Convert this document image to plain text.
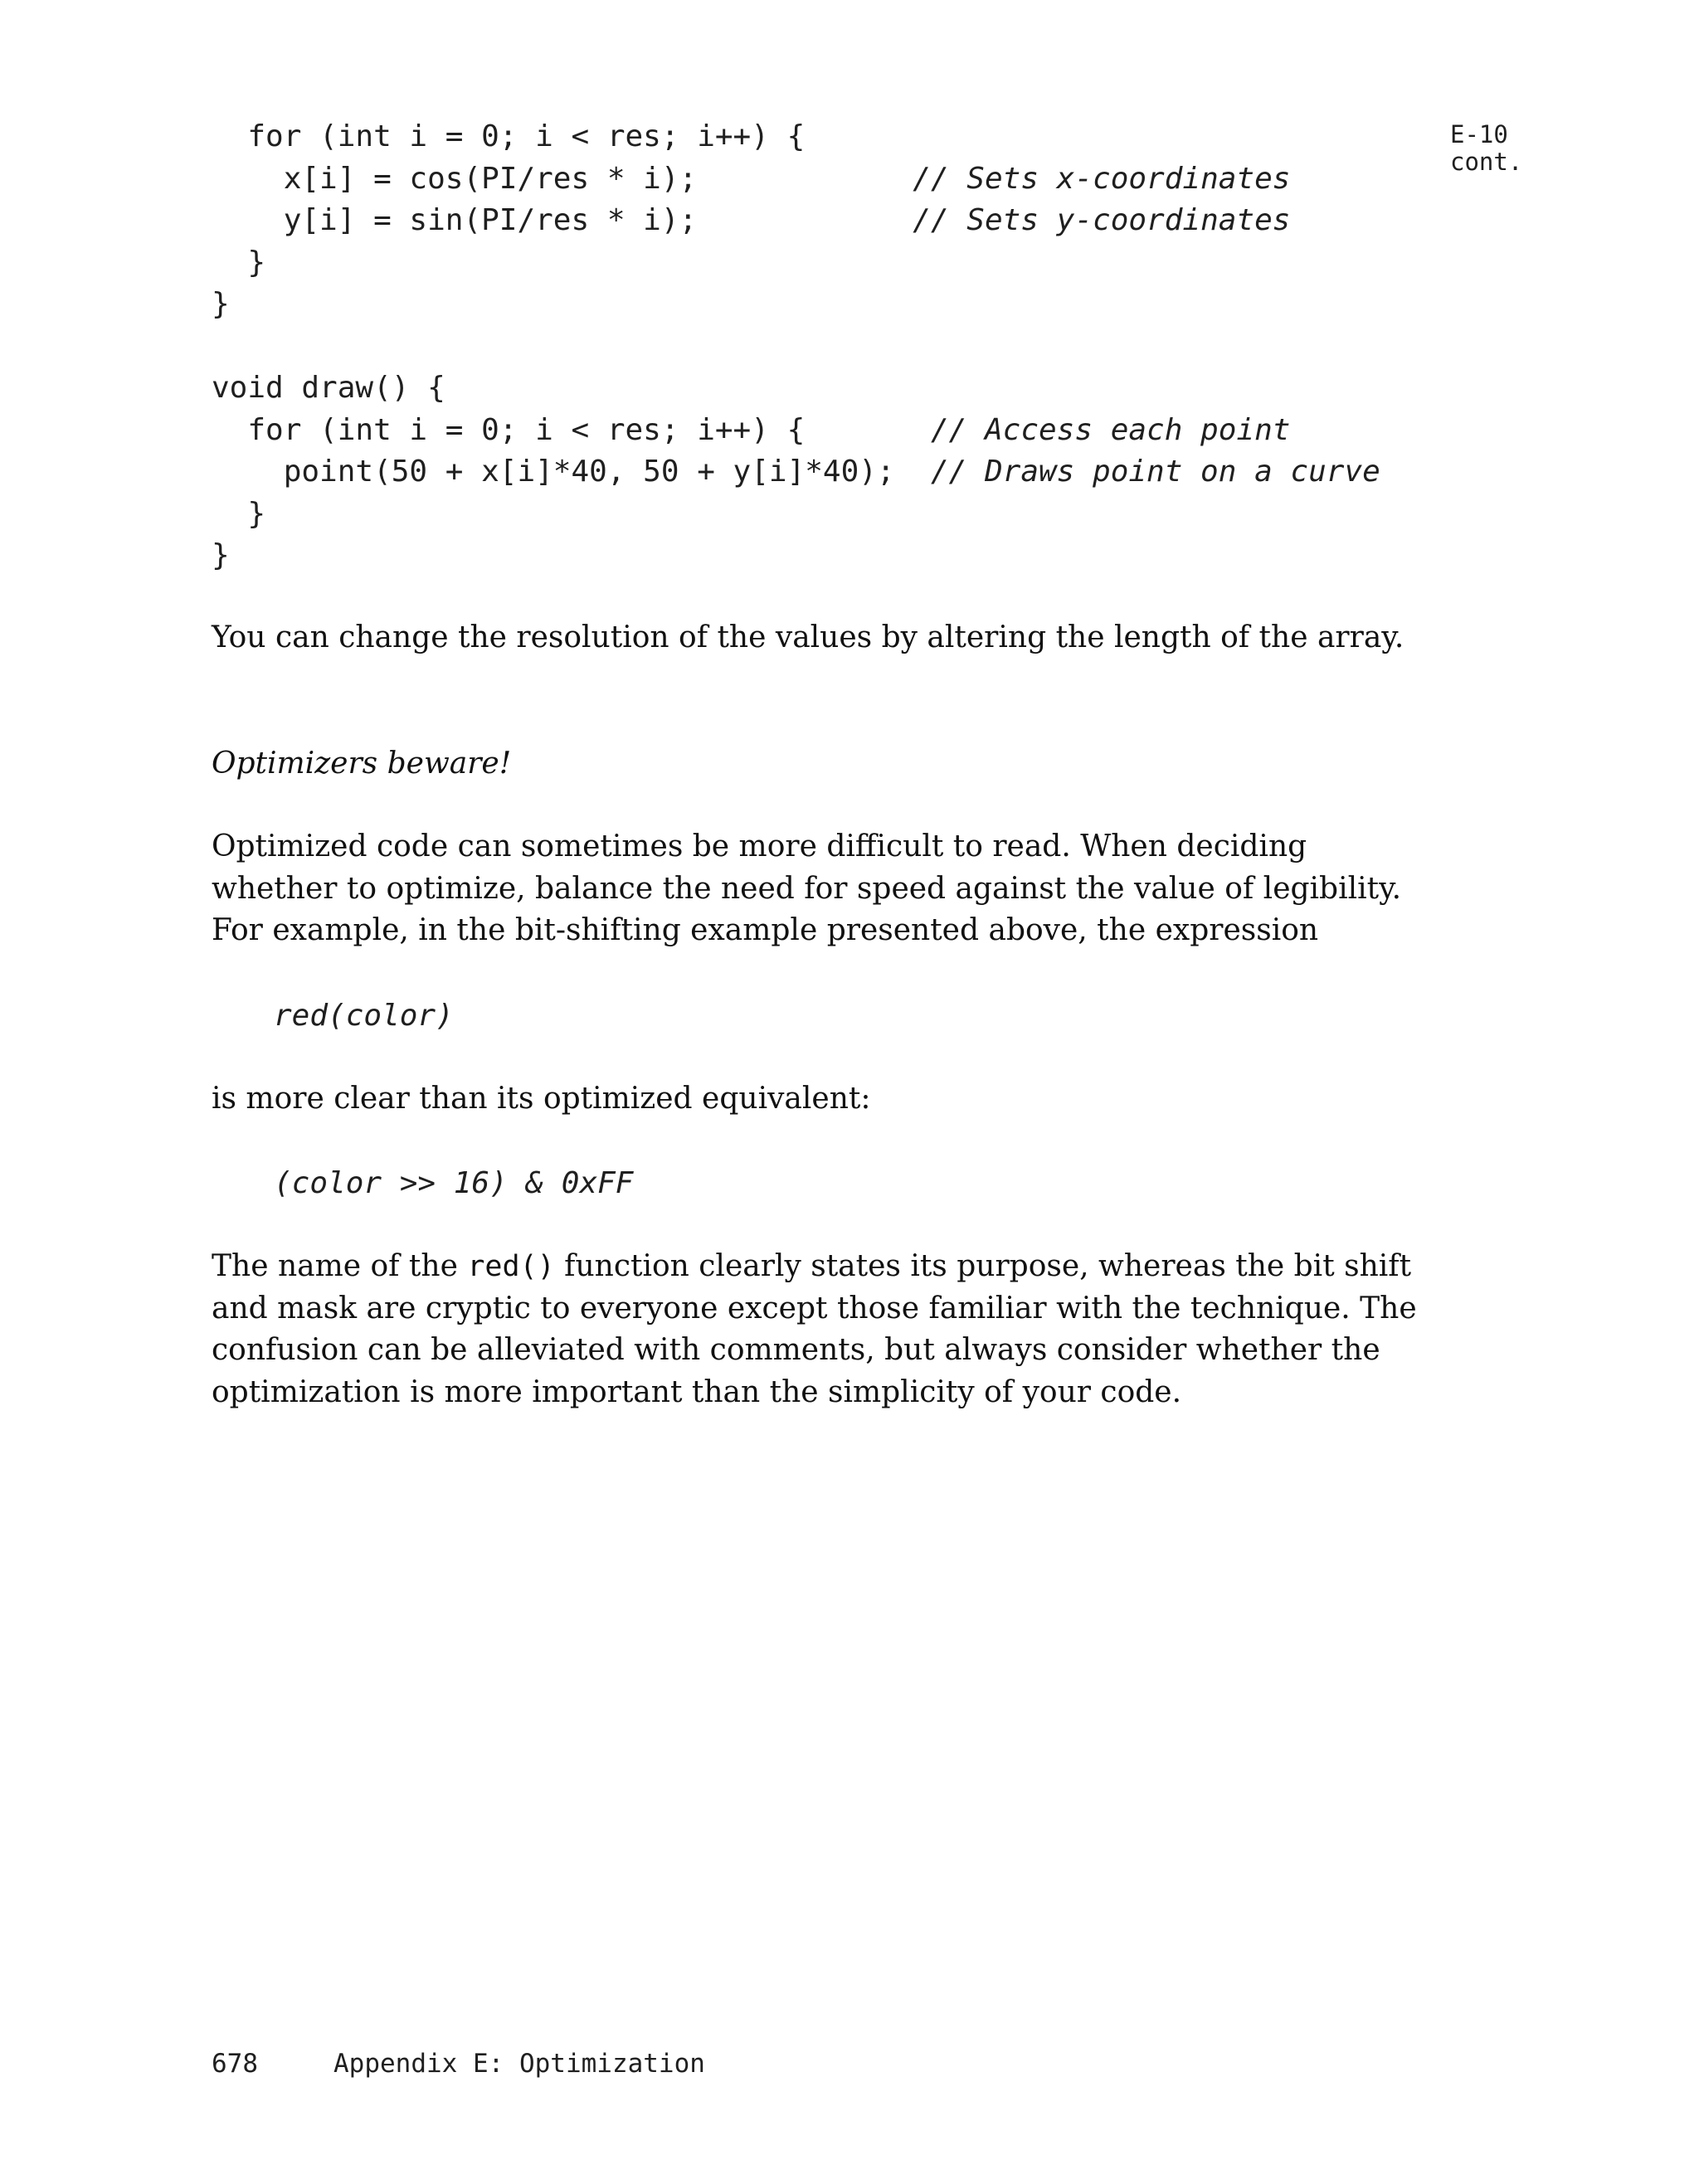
for (int i = 0; i < res; i++) {
x[i] = cos(PI/res * i);            // Sets x-coordinates
y[i] = sin(PI/res * i);            // Sets y-coordinates
}
}
void draw() {
for (int i = 0; i < res; i++) {       // Access each point
point(50 + x[i]*40, 50 + y[i]*40);  // Draws point on a curve
}
}
E-10
cont.

You can change the resolution of the values by altering the length of the array.

Optimizers beware!

Optimized code can sometimes be more difficult to read. When deciding whether to optimize, balance the need for speed against the value of legibility. For example, in the bit-shifting example presented above, the expression

red(color)

is more clear than its optimized equivalent:

(color >> 16) & 0xFF

The name of the red() function clearly states its purpose, whereas the bit shift and mask are cryptic to everyone except those familiar with the technique. The confusion can be alleviated with comments, but always consider whether the optimization is more important than the simplicity of your code.

678	Appendix E: Optimization
